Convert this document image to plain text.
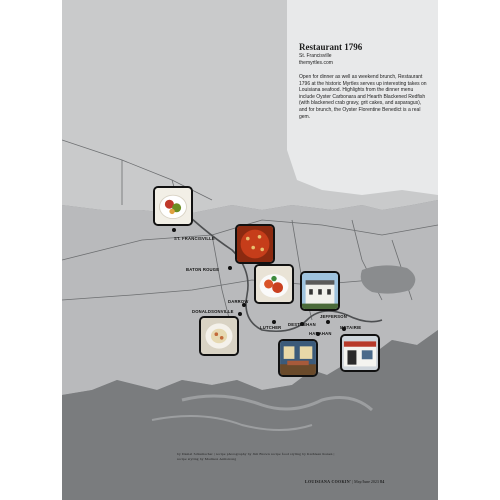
Restaurant 1796

St. Francisville

themyrtles.com

Open for dinner as well as weekend brunch, Restaurant 1796 at the historic Myrtles serves up interesting takes on Louisiana seafood. Highlights from the dinner menu include Oyster Carbonara and Hearth Blackened Redfish (with blackened crab gravy, grit cakes, and asparagus), and for brunch, the Oyster Florentine Benedict is a real gem.
ST. FRANCISVILLE
BATON ROUGE
DARROW
DONALDSONVILLE
LUTCHER
DESTREHAN
JEFFERSON
METAIRIE
HARAHAN
by Daniel Schumacher | recipe photography by Jim Brown recipe food styling by Kathleen Kanen | recipe styling by Madison Armstrong
LOUISIANA COOKIN' | May/June 2023 84
